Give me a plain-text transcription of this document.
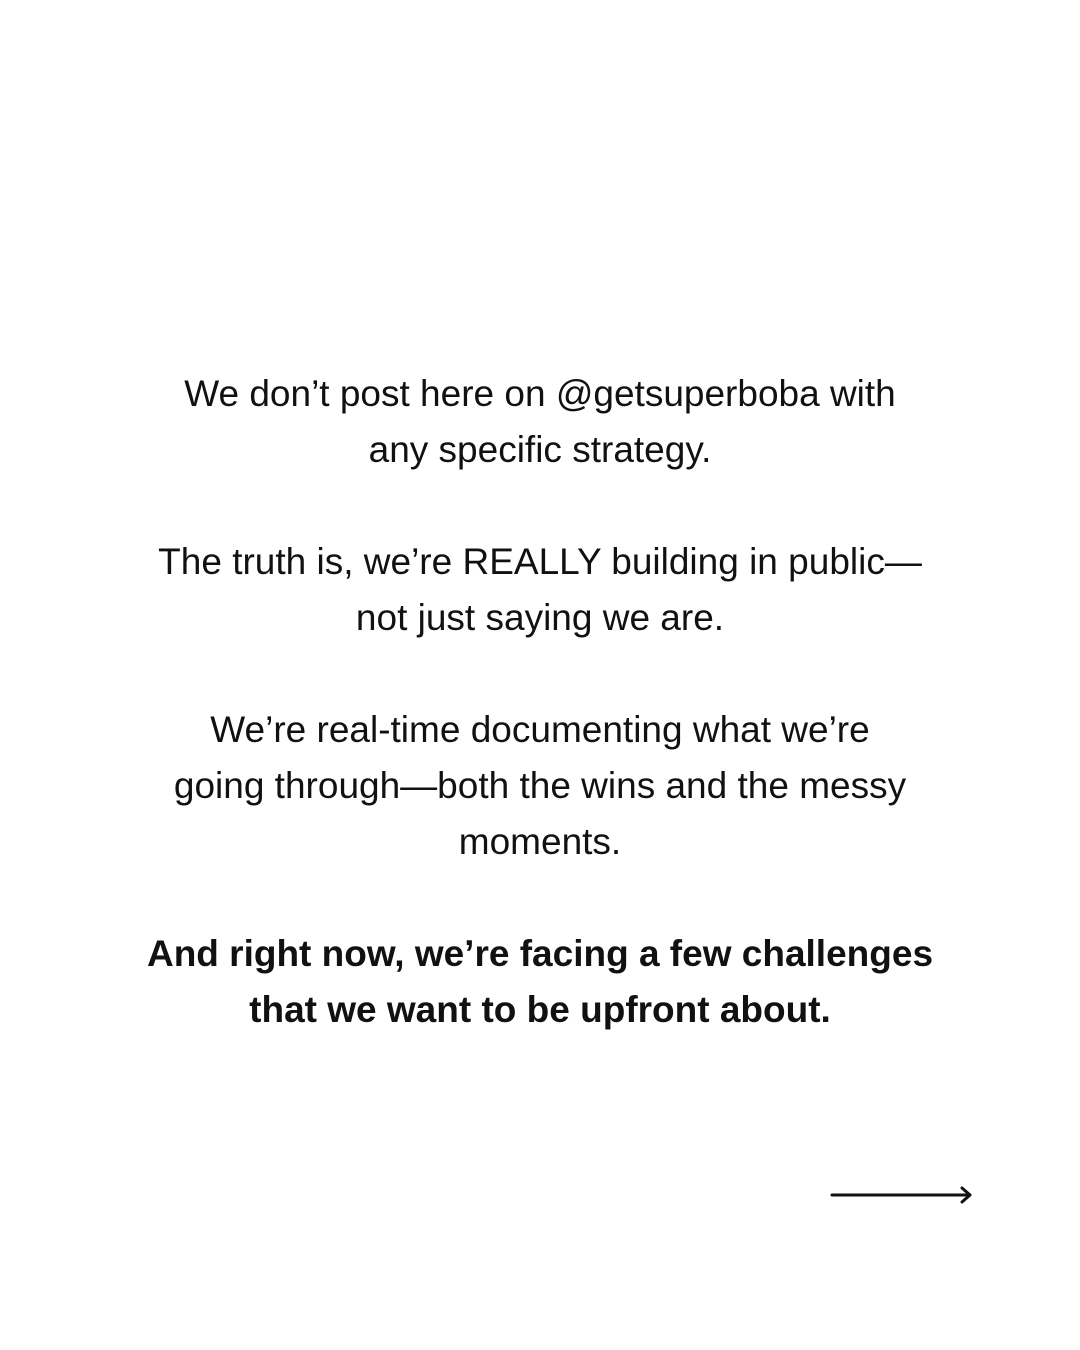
We don’t post here on @getsuperboba with
any specific strategy.

The truth is, we’re REALLY building in public—
not just saying we are.

We’re real-time documenting what we’re
going through—both the wins and the messy
moments.

And right now, we’re facing a few challenges
that we want to be upfront about.
